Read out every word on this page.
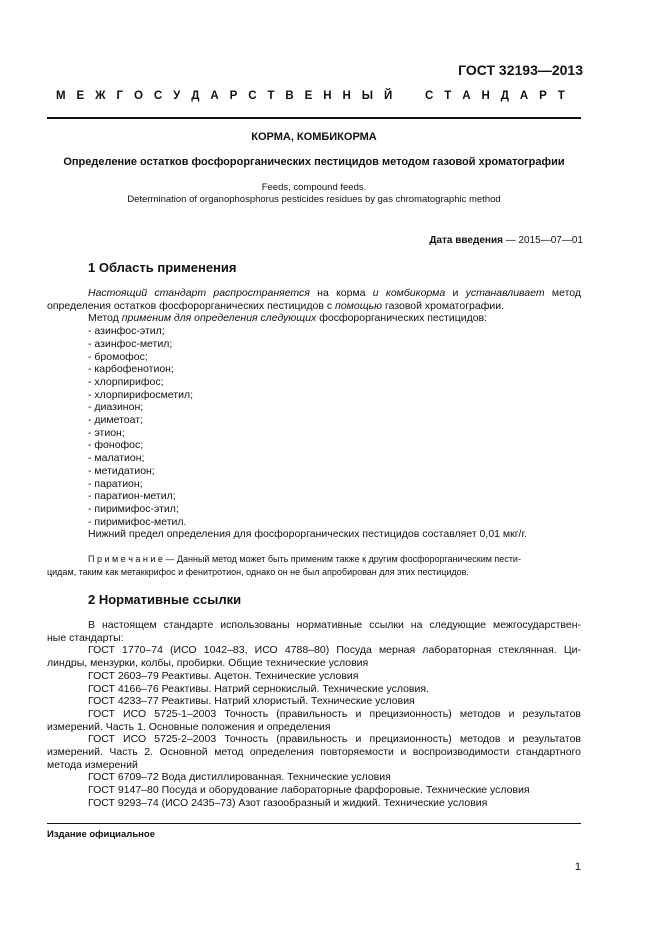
ГОСТ 32193—2013
М Е Ж Г О С У Д А Р С Т В Е Н Н Ы Й	С Т А Н Д А Р Т
КОРМА, КОМБИКОРМА
Определение остатков фосфорорганических пестицидов методом газовой хроматографии
Feeds, compound feeds.
Determination of organophosphorus pesticides residues by gas chromatographic method
Дата введения — 2015—07—01
1 Область применения
Настоящий стандарт распространяется на корма и комбикорма и устанавливает метод
определения остатков фосфорорганических пестицидов с помощью газовой хроматографии.
Метод применим для определения следующих фосфорорганических пестицидов:
- азинфос-этил;
- азинфос-метил;
- бромофос;
- карбофенотион;
- хлорпирифос;
- хлорпирифосметил;
- диазинон;
- диметоат;
- этион;
- фонофос;
- малатион;
- метидатион;
- паратион;
- паратион-метил;
- пиримифос-этил;
- пиримифос-метил.
Нижний предел определения для фосфорорганических пестицидов составляет 0,01 мкг/г.
П р и м е ч а н и е — Данный метод может быть применим также к другим фосфорорганическим пести-
цидам, таким как метаккрифос и фенитротион, однако он не был апробирован для этих пестицидов.
2 Нормативные ссылки
В настоящем стандарте использованы нормативные ссылки на следующие межгосударствен-
ные стандарты:
ГОСТ 1770–74 (ИСО 1042–83, ИСО 4788–80) Посуда мерная лабораторная стеклянная. Ци-
линдры, мензурки, колбы, пробирки. Общие технические условия
ГОСТ 2603–79 Реактивы. Ацетон. Технические условия
ГОСТ 4166–76 Реактивы. Натрий сернокислый. Технические условия.
ГОСТ 4233–77 Реактивы. Натрий хлористый. Технические условия
ГОСТ ИСО 5725-1–2003 Точность (правильность и прецизионность) методов и результатов
измерений. Часть 1. Основные положения и определения
ГОСТ ИСО 5725-2–2003 Точность (правильность и прецизионность) методов и результатов
измерений. Часть 2. Основной метод определения повторяемости и воспроизводимости стандартного
метода измерений
ГОСТ 6709–72 Вода дистиллированная. Технические условия
ГОСТ 9147–80 Посуда и оборудование лабораторные фарфоровые. Технические условия
ГОСТ 9293–74 (ИСО 2435–73) Азот газообразный и жидкий. Технические условия
Издание официальное
1
